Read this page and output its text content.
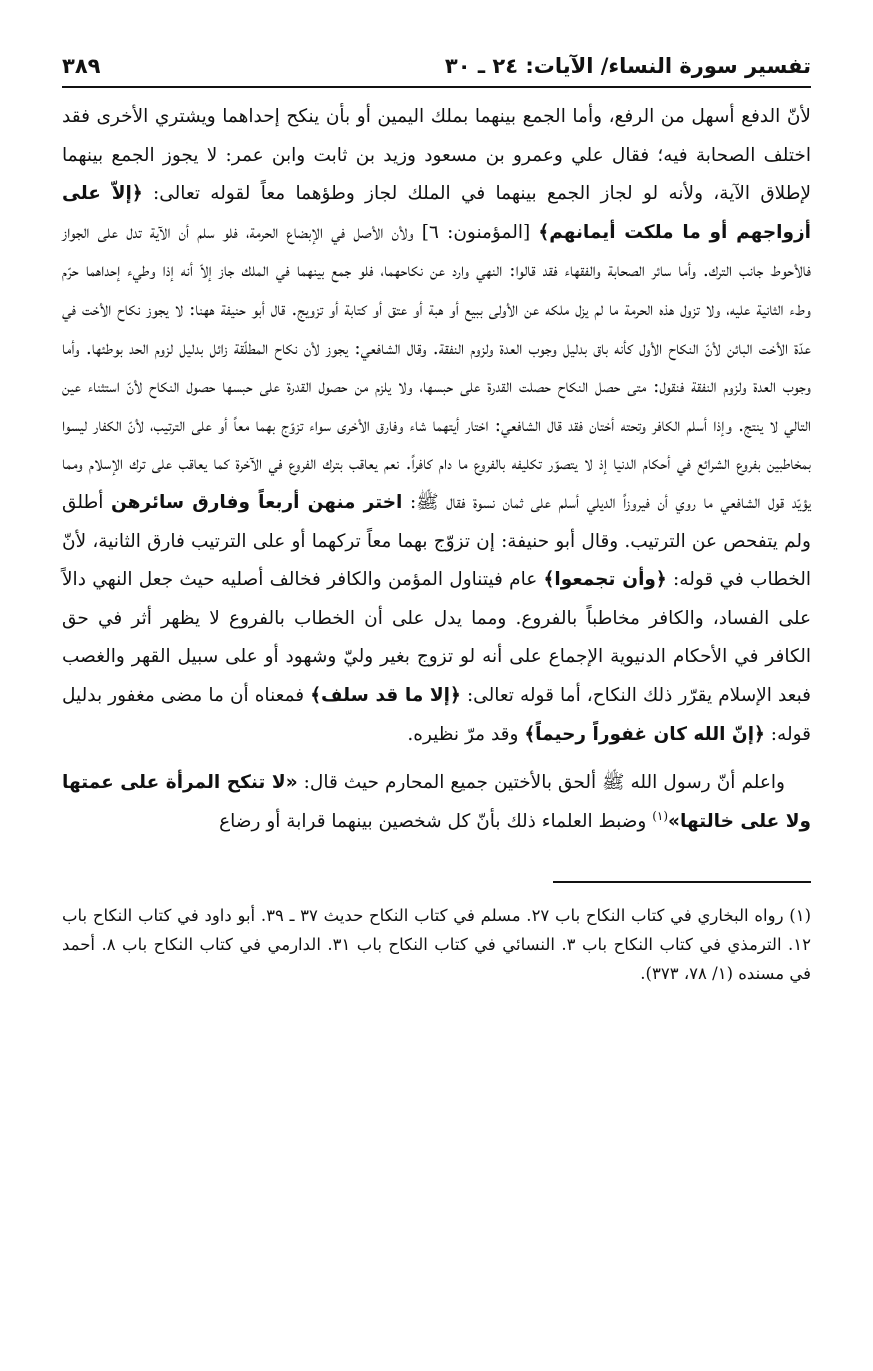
تفسير سورة النساء/ الآيات: ٢٤ ـ ٣٠
٣٨٩

لأنّ الدفع أسهل من الرفع، وأما الجمع بينهما بملك اليمين أو بأن ينكح إحداهما ويشتري الأخرى فقد اختلف الصحابة فيه؛ فقال علي وعمرو بن مسعود وزيد بن ثابت وابن عمر: لا يجوز الجمع بينهما لإطلاق الآية، ولأنه لو لجاز الجمع بينهما في الملك لجاز وطؤهما معاً لقوله تعالى: ﴿إلاّ على أزواجهم أو ما ملكت أيمانهم﴾ [المؤمنون: ٦] ولأن الأصل في الإبضاع الحرمة، فلو سلم أن الآية تدل على الجواز فالأحوط جانب الترك. وأما سائر الصحابة والفقهاء فقد قالوا: النهي وارد عن نكاحهما، فلو جمع بينهما في الملك جاز إلاّ أنه إذا وطيء إحداهما حرّم وطء الثانية عليه، ولا تزول هذه الحرمة ما لم يزل ملكه عن الأولى ببيع أو هبة أو عتق أو كتابة أو تزويج. قال أبو حنيفة ههنا: لا يجوز نكاح الأخت في عدّة الأخت البائن لأنّ النكاح الأول كأنه باق بدليل وجوب العدة ولزوم النفقة. وقال الشافعي: يجوز لأن نكاح المطلّقة زائل بدليل لزوم الحد بوطئها. وأما وجوب العدة ولزوم النفقة فنقول: متى حصل النكاح حصلت القدرة على حبسها، ولا يلزم من حصول القدرة على حبسها حصول النكاح لأنّ استثناء عين التالي لا ينتج. وإذا أسلم الكافر وتحته أختان فقد قال الشافعي: اختار أيتهما شاء وفارق الأخرى سواء تزوّج بهما معاً أو على الترتيب، لأنّ الكفار ليسوا بمخاطبين بفروع الشرائع في أحكام الدنيا إذ لا يتصوّر تكليفه بالفروع ما دام كافراً. نعم يعاقب بترك الفروع في الآخرة كما يعاقب على ترك الإسلام ومما يؤيّد قول الشافعي ما روي أن فيروزاً الديلي أسلم على ثمان نسوة فقال ﷺ: اختر منهن أربعاً وفارق سائرهن أطلق ولم يتفحص عن الترتيب. وقال أبو حنيفة: إن تزوّج بهما معاً تركهما أو على الترتيب فارق الثانية، لأنّ الخطاب في قوله: ﴿وأن تجمعوا﴾ عام فيتناول المؤمن والكافر فخالف أصليه حيث جعل النهي دالاً على الفساد، والكافر مخاطباً بالفروع. ومما يدل على أن الخطاب بالفروع لا يظهر أثر في حق الكافر في الأحكام الدنيوية الإجماع على أنه لو تزوج بغير وليّ وشهود أو على سبيل القهر والغصب فبعد الإسلام يقرّر ذلك النكاح، أما قوله تعالى: ﴿إلا ما قد سلف﴾ فمعناه أن ما مضى مغفور بدليل قوله: ﴿إنّ الله كان غفوراً رحيماً﴾ وقد مرّ نظيره.

واعلم أنّ رسول الله ﷺ ألحق بالأختين جميع المحارم حيث قال: «لا تنكح المرأة على عمتها ولا على خالتها»$^{(١)}$ وضبط العلماء ذلك بأنّ كل شخصين بينهما قرابة أو رضاع

(١) رواه البخاري في كتاب النكاح باب ٢٧. مسلم في كتاب النكاح حديث ٣٧ ـ ٣٩. أبو داود في كتاب النكاح باب ١٢. الترمذي في كتاب النكاح باب ٣. النسائي في كتاب النكاح باب ٣١. الدارمي في كتاب النكاح باب ٨. أحمد في مسنده (١/ ٧٨، ٣٧٣).
